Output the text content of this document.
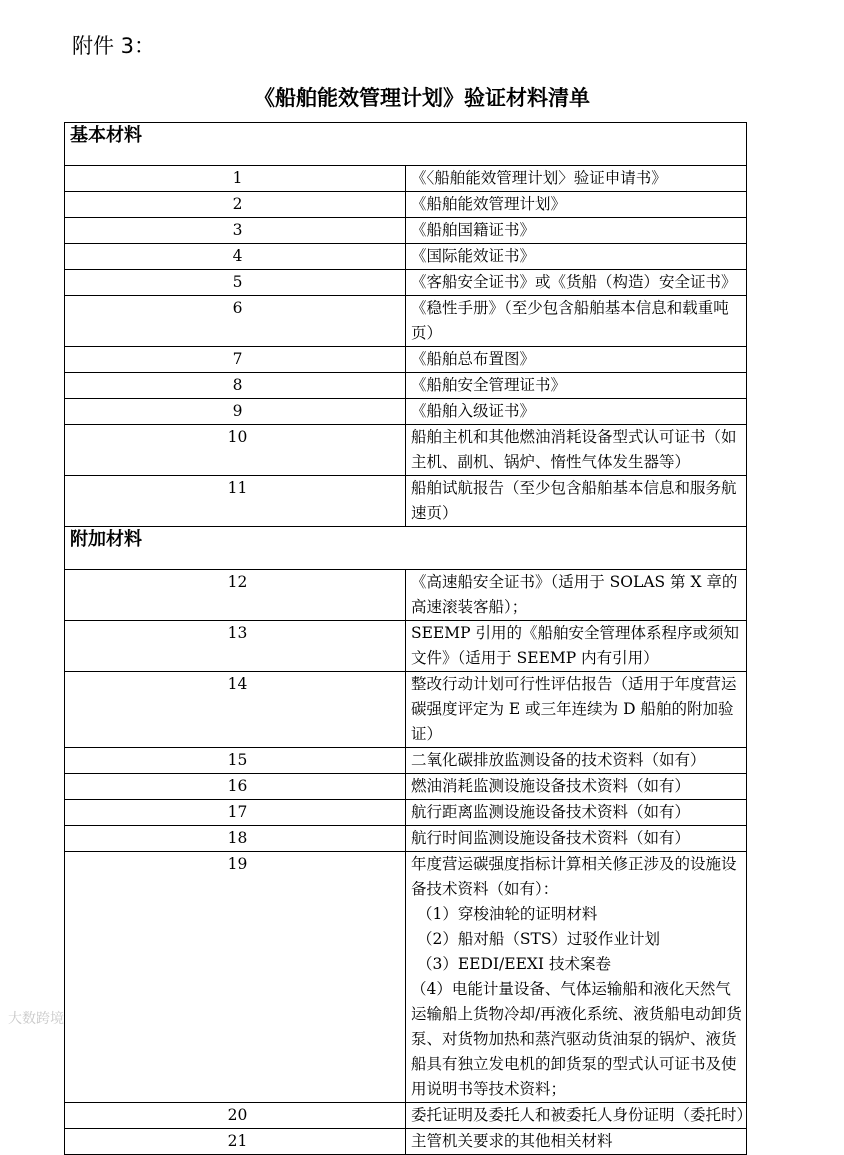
附件 3：
《船舶能效管理计划》验证材料清单
基本材料	
1	《〈船舶能效管理计划〉验证申请书》
2	《船舶能效管理计划》
3	《船舶国籍证书》
4	《国际能效证书》
5	《客船安全证书》或《货船（构造）安全证书》
6	《稳性手册》（至少包含船舶基本信息和载重吨页）
7	《船舶总布置图》
8	《船舶安全管理证书》
9	《船舶入级证书》
10	船舶主机和其他燃油消耗设备型式认可证书（如主机、副机、锅炉、惰性气体发生器等）
11	船舶试航报告（至少包含船舶基本信息和服务航速页）
附加材料	
12	《高速船安全证书》（适用于 SOLAS 第 X 章的高速滚装客船）；
13	SEEMP 引用的《船舶安全管理体系程序或须知文件》（适用于 SEEMP 内有引用）
14	整改行动计划可行性评估报告（适用于年度营运碳强度评定为 E 或三年连续为 D 船舶的附加验证）
15	二氧化碳排放监测设备的技术资料（如有）
16	燃油消耗监测设施设备技术资料（如有）
17	航行距离监测设施设备技术资料（如有）
18	航行时间监测设施设备技术资料（如有）
19	年度营运碳强度指标计算相关修正涉及的设施设备技术资料（如有）：
（1）穿梭油轮的证明材料
（2）船对船（STS）过驳作业计划
（3）EEDI/EEXI 技术案卷
（4）电能计量设备、气体运输船和液化天然气运输船上货物冷却/再液化系统、液货船电动卸货泵、对货物加热和蒸汽驱动货油泵的锅炉、液货船具有独立发电机的卸货泵的型式认可证书及使用说明书等技术资料；
20	委托证明及委托人和被委托人身份证明（委托时）
21	主管机关要求的其他相关材料
大数跨境
